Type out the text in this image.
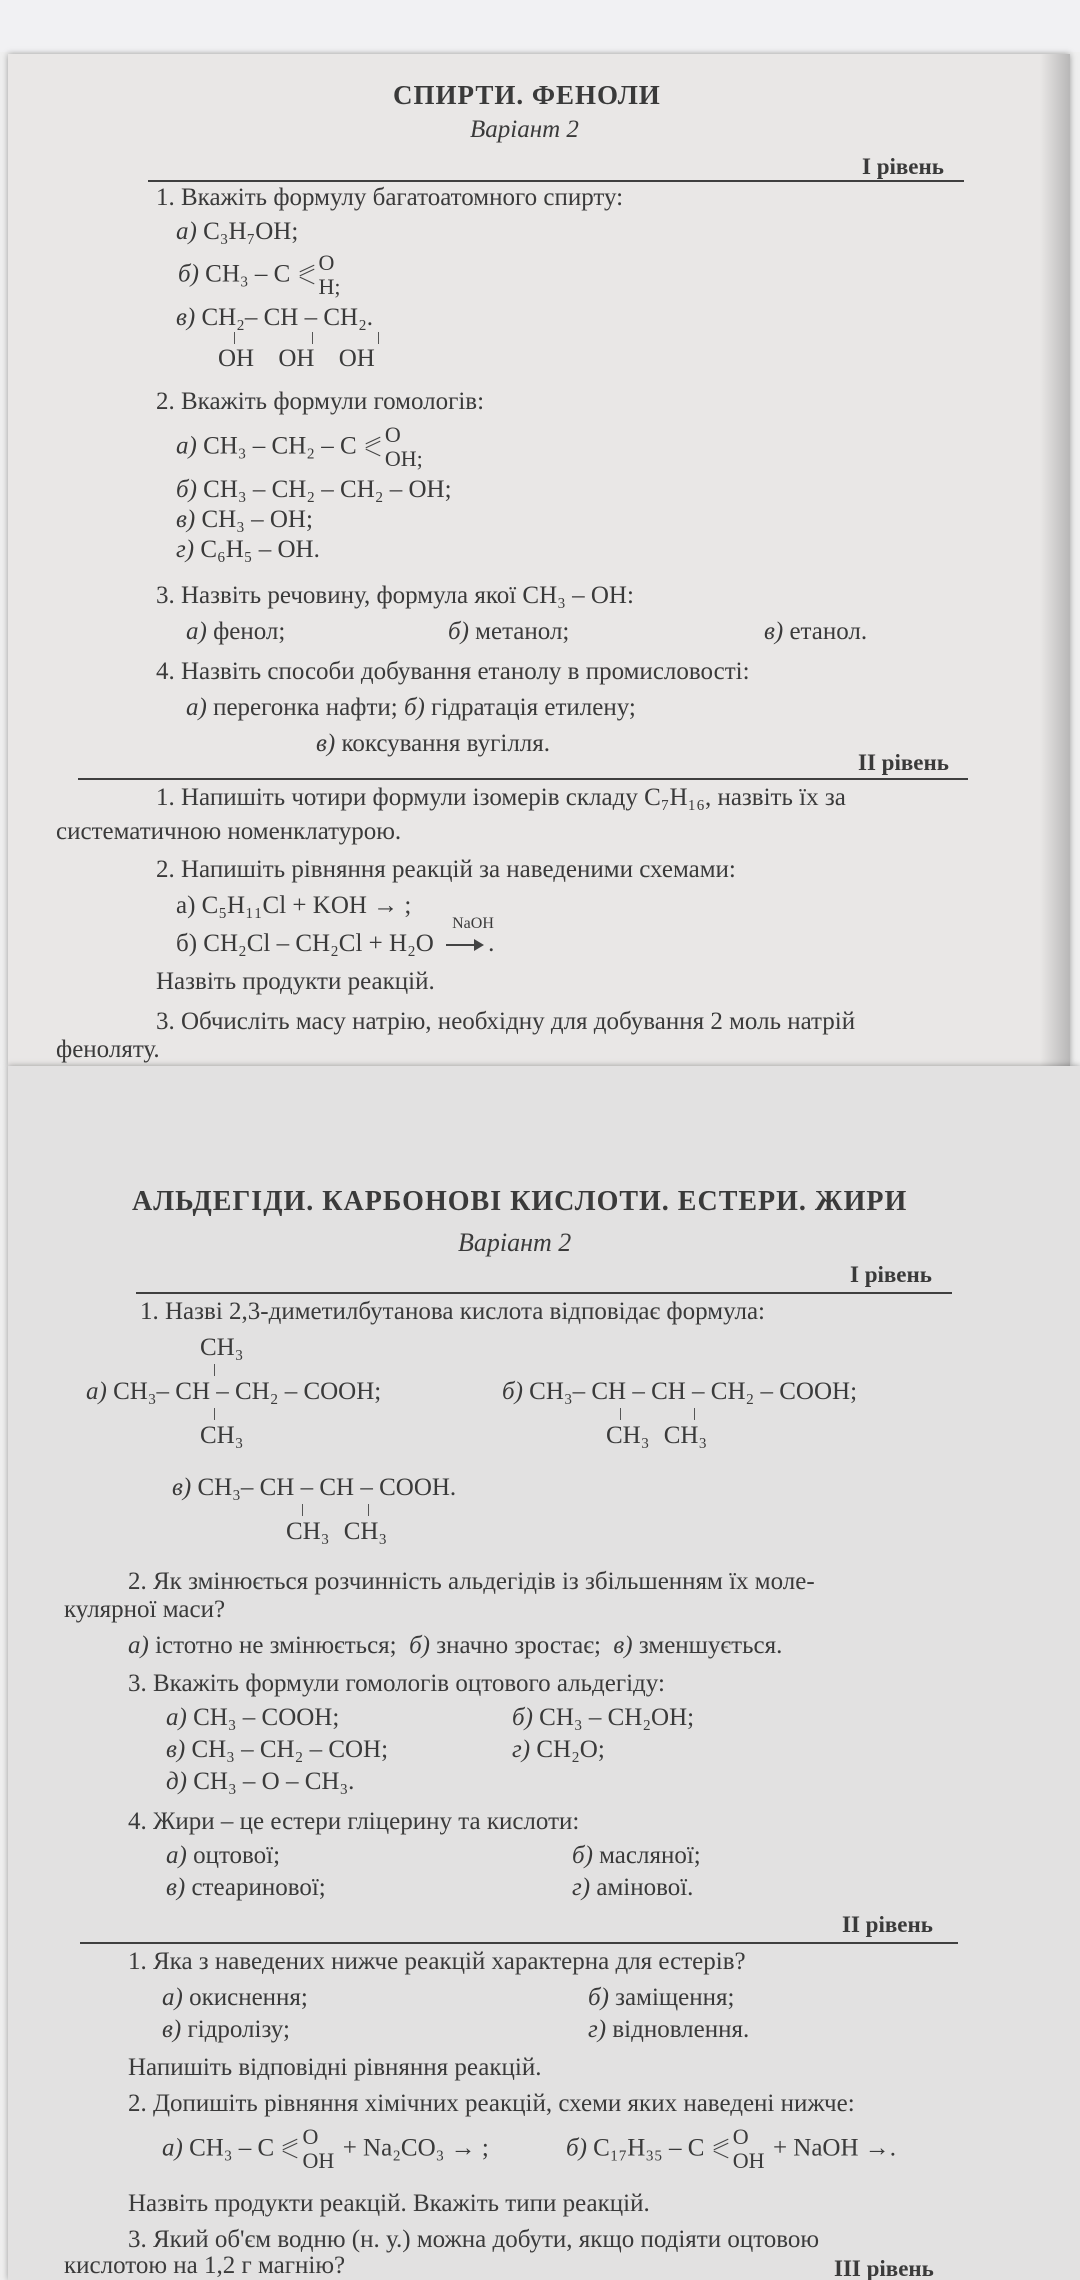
СПИРТИ. ФЕНОЛИ
Варіант 2
І рівень
1. Вкажіть формулу багатоатомного спирту:
а) C₃H₇OH;
б) CH₃ – C O
H;
в) CH₂– CH – CH₂.
OH OH OH
2. Вкажіть формули гомологів:
а) CH₃ – CH₂ – C O
OH;
б) CH₃ – CH₂ – CH₂ – OH;
в) CH₃ – OH;
г) C₆H₅ – OH.
3. Назвіть речовину, формула якої CH₃ – OH:
а) фенол;	б) метанол;	в) етанол.
4. Назвіть способи добування етанолу в промисловості:
а) перегонка нафти; б) гідратація етилену;
в) коксування вугілля.
ІІ рівень
1. Напишіть чотири формули ізомерів складу C₇H₁₆, назвіть їх за
систематичною номенклатурою.
2. Напишіть рівняння реакцій за наведеними схемами:
а) C₅H₁₁Cl + KOH → ;
б) CH₂Cl – CH₂Cl + H₂O
NaOH
.
Назвіть продукти реакцій.
3. Обчисліть масу натрію, необхідну для добування 2 моль натрій
феноляту.
АЛЬДЕГІДИ. КАРБОНОВІ КИСЛОТИ. ЕСТЕРИ. ЖИРИ
Варіант 2
І рівень
1. Назві 2,3-диметилбутанова кислота відповідає формула:
CH₃
а) CH₃– CH – CH₂ – COOH;
CH₃
б) CH₃– CH – CH – CH₂ – COOH;
CH₃ CH₃
в) CH₃– CH – CH – COOH.
CH₃ CH₃
2. Як змінюється розчинність альдегідів із збільшенням їх моле-
кулярної маси?
а) істотно не змінюється; б) значно зростає; в) зменшується.
3. Вкажіть формули гомологів оцтового альдегіду:
а) CH₃ – COOH;	б) CH₃ – CH₂OH;
в) CH₃ – CH₂ – COH;	г) CH₂O;
д) CH₃ – O – CH₃.
4. Жири – це естери гліцерину та кислоти:
а) оцтової;	б) масляної;
в) стеаринової;	г) амінової.
ІІ рівень
1. Яка з наведених нижче реакцій характерна для естерів?
а) окиснення;	б) заміщення;
в) гідролізу;	г) відновлення.
Напишіть відповідні рівняння реакцій.
2. Допишіть рівняння хімічних реакцій, схеми яких наведені нижче:
а) CH₃ – C O
OH + Na₂CO₃ → ;	б) C₁₇H₃₅ – C O
OH + NaOH →.
Назвіть продукти реакцій. Вкажіть типи реакцій.
3. Який об'єм водню (н. у.) можна добути, якщо подіяти оцтовою
кислотою на 1,2 г магнію?	ІІІ рівень
